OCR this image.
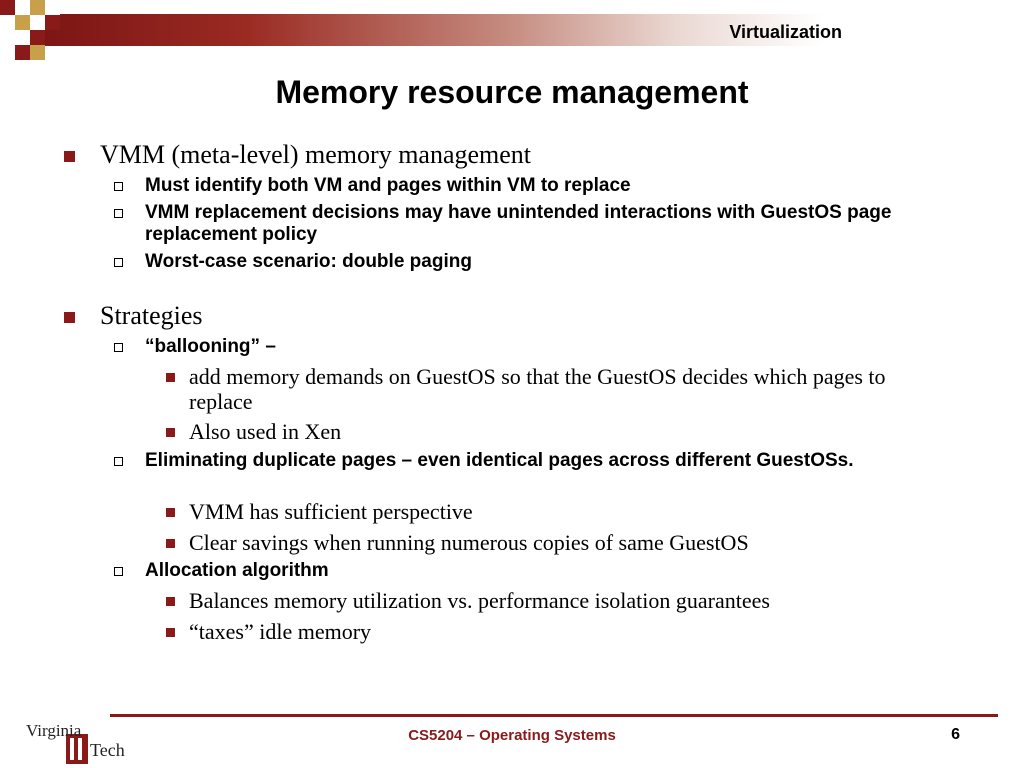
Virtualization
Memory resource management
VMM (meta-level) memory management
Must identify both VM and pages within VM to replace
VMM replacement decisions may have unintended interactions with GuestOS page replacement policy
Worst-case scenario: double paging
Strategies
“ballooning” –
add memory demands on GuestOS so that the GuestOS decides which pages to replace
Also used in Xen
Eliminating duplicate pages – even identical pages across different GuestOSs.
VMM has sufficient perspective
Clear savings when running numerous copies of same GuestOS
Allocation algorithm
Balances memory utilization vs. performance isolation guarantees
“taxes” idle memory
Virginia
Tech
CS5204 – Operating Systems	6
